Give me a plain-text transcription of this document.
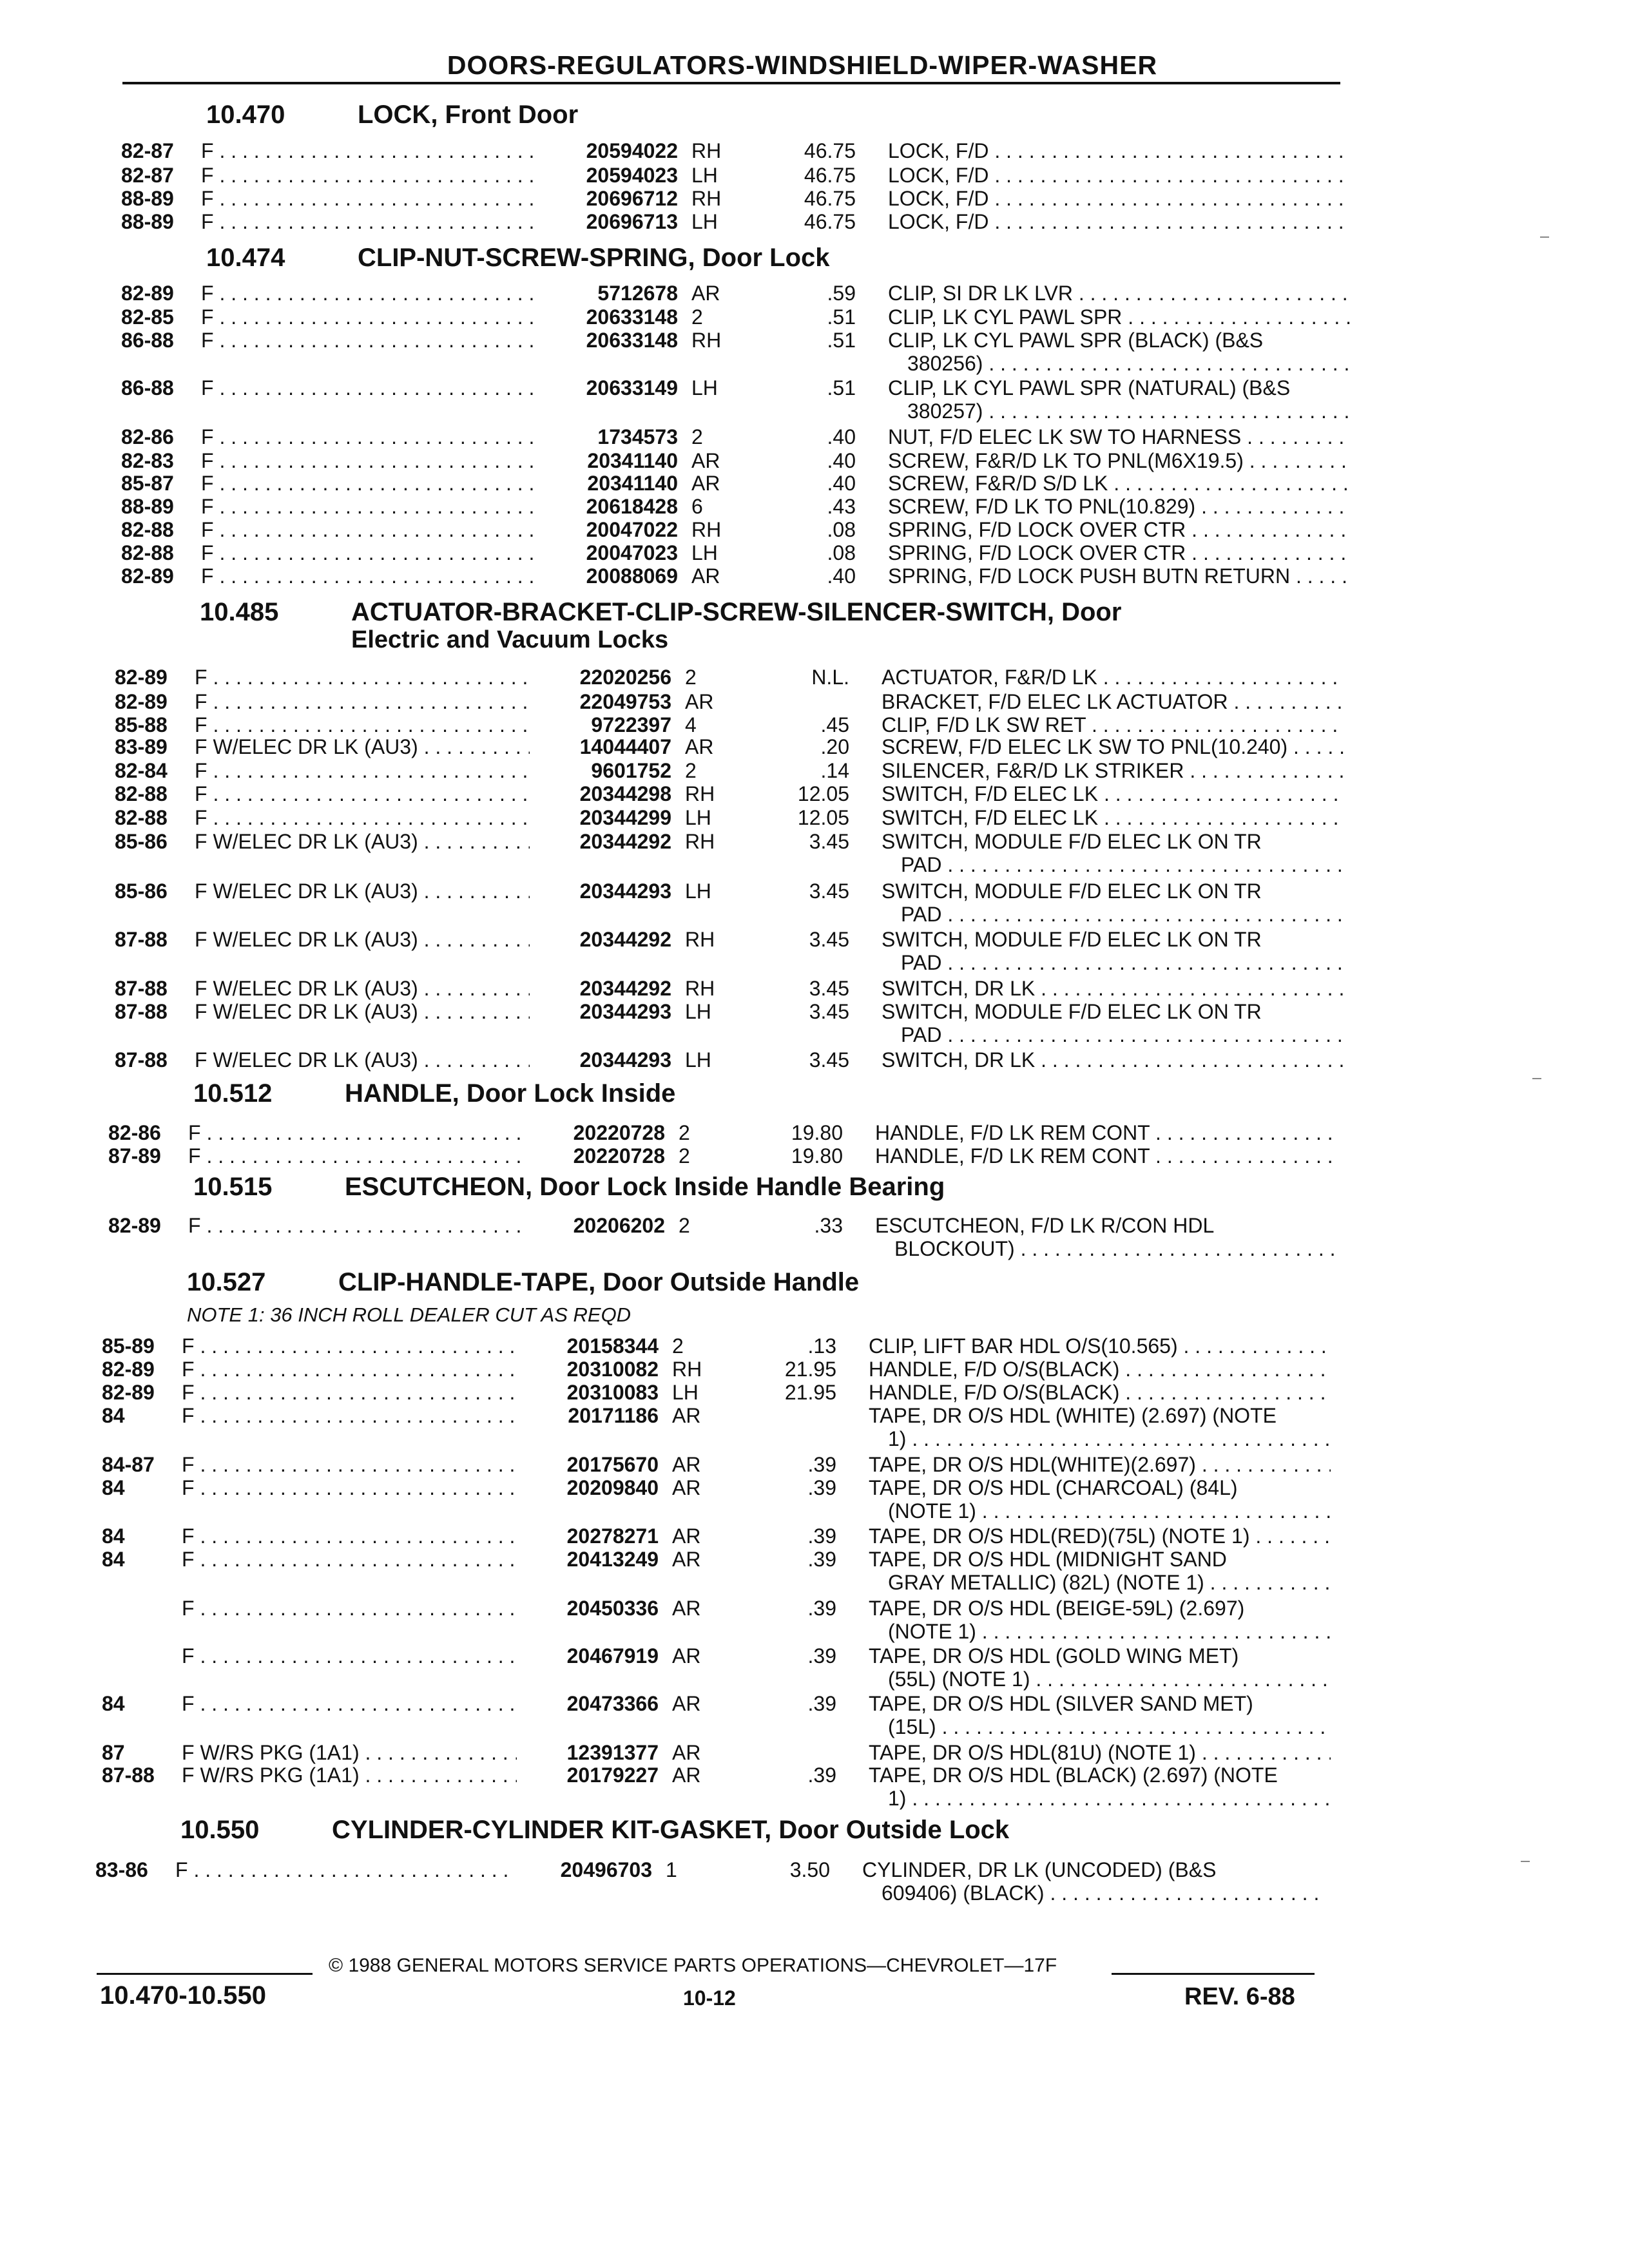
DOORS-REGULATORS-WINDSHIELD-WIPER-WASHER
10.470	LOCK, Front Door
82-87 F . . .	20594022 RH	46.75 LOCK, F/D . . .
82-87 F . . .	20594023 LH	46.75 LOCK, F/D . . .
88-89 F . . .	20696712 RH	46.75 LOCK, F/D . . .
88-89 F . . .	20696713 LH	46.75 LOCK, F/D . . .
10.474	CLIP-NUT-SCREW-SPRING, Door Lock
82-89 F . . .	5712678 AR	.59 CLIP, SI DR LK LVR . . .
82-85 F . . .	20633148 2	.51 CLIP, LK CYL PAWL SPR . . .
86-88 F . . .	20633148 RH	.51 CLIP, LK CYL PAWL SPR (BLACK) (B&S
380256) . . .
86-88 F . . .	20633149 LH	.51 CLIP, LK CYL PAWL SPR (NATURAL) (B&S
380257) . . .
82-86 F . . .	1734573 2	.40 NUT, F/D ELEC LK SW TO HARNESS . . .
82-83 F . . .	20341140 AR	.40 SCREW, F&R/D LK TO PNL(M6X19.5) . . .
85-87 F . . .	20341140 AR	.40 SCREW, F&R/D S/D LK . . .
88-89 F . . .	20618428 6	.43 SCREW, F/D LK TO PNL(10.829) . . .
82-88 F . . .	20047022 RH	.08 SPRING, F/D LOCK OVER CTR . . .
82-88 F . . .	20047023 LH	.08 SPRING, F/D LOCK OVER CTR . . .
82-89 F . . .	20088069 AR	.40 SPRING, F/D LOCK PUSH BUTN RETURN . . .
10.485	ACTUATOR-BRACKET-CLIP-SCREW-SILENCER-SWITCH, Door
Electric and Vacuum Locks
82-89 F . . .	22020256 2	N.L. ACTUATOR, F&R/D LK . . .
82-89 F . . .	22049753 AR	BRACKET, F/D ELEC LK ACTUATOR . . .
85-88 F . . .	9722397 4	.45 CLIP, F/D LK SW RET . . .
83-89 F W/ELEC DR LK (AU3) . . .	14044407 AR	.20 SCREW, F/D ELEC LK SW TO PNL(10.240) . . .
82-84 F . . .	9601752 2	.14 SILENCER, F&R/D LK STRIKER . . .
82-88 F . . .	20344298 RH	12.05 SWITCH, F/D ELEC LK . . .
82-88 F . . .	20344299 LH	12.05 SWITCH, F/D ELEC LK . . .
85-86 F W/ELEC DR LK (AU3) . . .	20344292 RH	3.45 SWITCH, MODULE F/D ELEC LK ON TR
PAD . . .
85-86 F W/ELEC DR LK (AU3) . . .	20344293 LH	3.45 SWITCH, MODULE F/D ELEC LK ON TR
PAD . . .
87-88 F W/ELEC DR LK (AU3) . . .	20344292 RH	3.45 SWITCH, MODULE F/D ELEC LK ON TR
PAD . . .
87-88 F W/ELEC DR LK (AU3) . . .	20344292 RH	3.45 SWITCH, DR LK . . .
87-88 F W/ELEC DR LK (AU3) . . .	20344293 LH	3.45 SWITCH, MODULE F/D ELEC LK ON TR
PAD . . .
87-88 F W/ELEC DR LK (AU3) . . .	20344293 LH	3.45 SWITCH, DR LK . . .
10.512	HANDLE, Door Lock Inside
82-86 F . . .	20220728 2	19.80 HANDLE, F/D LK REM CONT . . .
87-89 F . . .	20220728 2	19.80 HANDLE, F/D LK REM CONT . . .
10.515	ESCUTCHEON, Door Lock Inside Handle Bearing
82-89 F . . .	20206202 2	.33 ESCUTCHEON, F/D LK R/CON HDL
BLOCKOUT) . . .
10.527	CLIP-HANDLE-TAPE, Door Outside Handle
NOTE 1: 36 INCH ROLL DEALER CUT AS REQD
85-89 F . . .	20158344 2	.13 CLIP, LIFT BAR HDL O/S(10.565) . . .
82-89 F . . .	20310082 RH	21.95 HANDLE, F/D O/S(BLACK) . . .
82-89 F . . .	20310083 LH	21.95 HANDLE, F/D O/S(BLACK) . . .
84	F . . .	20171186 AR	TAPE, DR O/S HDL (WHITE) (2.697) (NOTE
1) . . .
84-87 F . . .	20175670 AR	.39 TAPE, DR O/S HDL(WHITE)(2.697) . . .
84	F . . .	20209840 AR	.39 TAPE, DR O/S HDL (CHARCOAL) (84L)
(NOTE 1) . . .
84	F . . .	20278271 AR	.39 TAPE, DR O/S HDL(RED)(75L) (NOTE 1) . . .
84	F . . .	20413249 AR	.39 TAPE, DR O/S HDL (MIDNIGHT SAND
GRAY METALLIC) (82L) (NOTE 1) . . .
F . . .	20450336 AR	.39 TAPE, DR O/S HDL (BEIGE-59L) (2.697)
(NOTE 1) . . .
F . . .	20467919 AR	.39 TAPE, DR O/S HDL (GOLD WING MET)
(55L) (NOTE 1) . . .
84	F . . .	20473366 AR	.39 TAPE, DR O/S HDL (SILVER SAND MET)
(15L) . . .
87	F W/RS PKG (1A1) . . .	12391377 AR	TAPE, DR O/S HDL(81U) (NOTE 1) . . .
87-88 F W/RS PKG (1A1) . . .	20179227 AR	.39 TAPE, DR O/S HDL (BLACK) (2.697) (NOTE
1) . . .
10.550	CYLINDER-CYLINDER KIT-GASKET, Door Outside Lock
83-86 F . . .	20496703 1	3.50 CYLINDER, DR LK (UNCODED) (B&S
609406) (BLACK) . . .
© 1988 GENERAL MOTORS SERVICE PARTS OPERATIONS—CHEVROLET—17F
10.470-10.550	10-12	REV. 6-88
